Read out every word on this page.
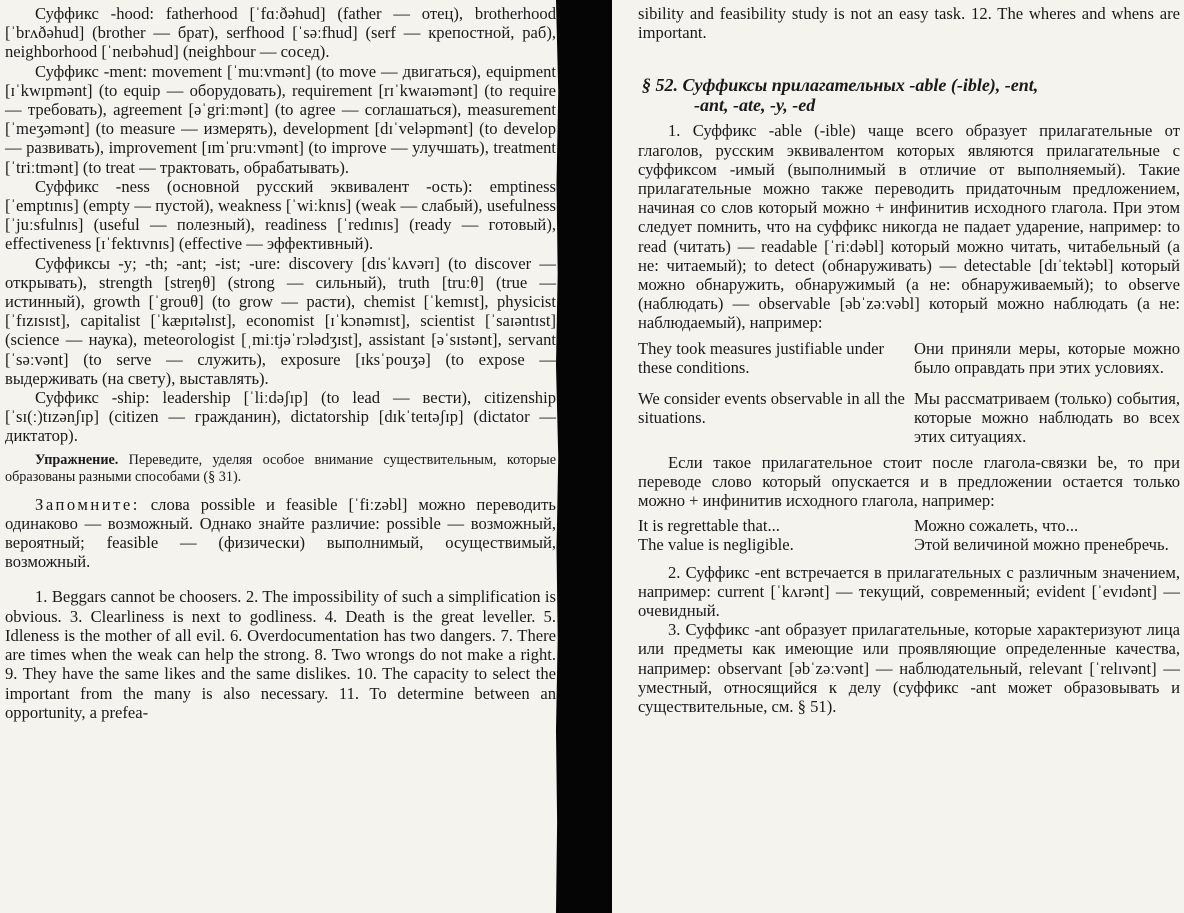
Суффикс -hood: fatherhood [ˈfɑːðəhud] (father — отец), brotherhood [ˈbrʌðəhud] (brother — брат), serfhood [ˈsəːfhud] (serf — крепостной, раб), neighborhood [ˈneɪbəhud] (neighbour — сосед).

Суффикс -ment: movement [ˈmuːvmənt] (to move — двигаться), equipment [ɪˈkwɪpmənt] (to equip — оборудовать), requirement [rɪˈkwaɪəmənt] (to require — требовать), agreement [əˈgriːmənt] (to agree — соглашаться), measurement [ˈmeʒəmənt] (to measure — измерять), development [dɪˈveləpmənt] (to develop — развивать), improvement [ɪmˈpruːvmənt] (to improve — улучшать), treatment [ˈtriːtmənt] (to treat — трактовать, обрабатывать).

Суффикс -ness (основной русский эквивалент -ость): emptiness [ˈemptɪnɪs] (empty — пустой), weakness [ˈwiːknɪs] (weak — слабый), usefulness [ˈjuːsfulnɪs] (useful — полезный), readiness [ˈredɪnɪs] (ready — готовый), effectiveness [ɪˈfektɪvnɪs] (effective — эффективный).

Суффиксы -y; -th; -ant; -ist; -ure: discovery [dɪsˈkʌvərɪ] (to discover — открывать), strength [streŋθ] (strong — сильный), truth [truːθ] (true — истинный), growth [ˈgrouθ] (to grow — расти), chemist [ˈkemɪst], physicist [ˈfɪzɪsɪst], capitalist [ˈkæpɪtəlɪst], economist [ɪˈkɔnəmɪst], scientist [ˈsaɪəntɪst] (science — наука), meteorologist [ˌmiːtjəˈrɔlədʒɪst], assistant [əˈsɪstənt], servant [ˈsəːvənt] (to serve — служить), exposure [ɪksˈpouʒə] (to expose — выдерживать (на свету), выставлять).

Суффикс -ship: leadership [ˈliːdəʃɪp] (to lead — вести), citizenship [ˈsɪ(ː)tɪzənʃɪp] (citizen — гражданин), dictatorship [dɪkˈteɪtəʃɪp] (dictator — диктатор).

Упражнение. Переведите, уделяя особое внимание существительным, которые образованы разными способами (§ 31).

Запомните: слова possible и feasible [ˈfiːzəbl] можно переводить одинаково — возможный. Однако знайте различие: possible — возможный, вероятный; feasible — (физически) выполнимый, осуществимый, возможный.

1. Beggars cannot be choosers. 2. The impossibility of such a simplification is obvious. 3. Clearliness is next to godliness. 4. Death is the great leveller. 5. Idleness is the mother of all evil. 6. Overdocumentation has two dangers. 7. There are times when the weak can help the strong. 8. Two wrongs do not make a right. 9. They have the same likes and the same dislikes. 10. The capacity to select the important from the many is also necessary. 11. To determine between an opportunity, a prefea-

sibility and feasibility study is not an easy task. 12. The wheres and whens are important.

§ 52. Суффиксы прилагательных -able (-ible), -ent,
-ant, -ate, -y, -ed

1. Суффикс -able (-ible) чаще всего образует прилагательные от глаголов, русским эквивалентом которых являются прилагательные с суффиксом -имый (выполнимый в отличие от выполняемый). Такие прилагательные можно также переводить придаточным предложением, начиная со слов который можно + инфинитив исходного глагола. При этом следует помнить, что на суффикс никогда не падает ударение, например: to read (читать) — readable [ˈriːdəbl] который можно читать, читабельный (а не: читаемый); to detect (обнаруживать) — detectable [dɪˈtektəbl] который можно обнаружить, обнаружимый (а не: обнаруживаемый); to observe (наблюдать) — observable [əbˈzəːvəbl] который можно наблюдать (а не: наблюдаемый), например:

They took measures justifiable under these conditions.
Они приняли меры, которые можно было оправдать при этих условиях.
We consider events observable in all the situations.
Мы рассматриваем (только) события, которые можно наблюдать во всех этих ситуациях.

Если такое прилагательное стоит после глагола-связки be, то при переводе слово который опускается и в предложении остается только можно + инфинитив исходного глагола, например:

It is regrettable that...	Можно сожалеть, что...
The value is negligible.	Этой величиной можно пренебречь.

2. Суффикс -ent встречается в прилагательных с различным значением, например: current [ˈkʌrənt] — текущий, современный; evident [ˈevɪdənt] — очевидный.

3. Суффикс -ant образует прилагательные, которые характеризуют лица или предметы как имеющие или проявляющие определенные качества, например: observant [əbˈzəːvənt] — наблюдательный, relevant [ˈrelɪvənt] — уместный, относящийся к делу (суффикс -ant может образовывать и существительные, см. § 51).
